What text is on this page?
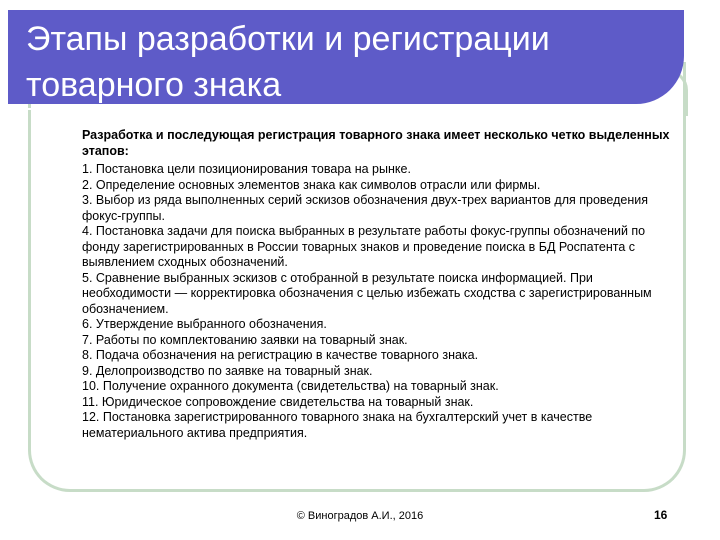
Этапы разработки и регистрации товарного знака

Разработка и последующая регистрация товарного знака имеет несколько четко выделенных этапов:

1. Постановка цели позиционирования товара на рынке.
2. Определение основных элементов знака как символов отрасли или фирмы.
3. Выбор из ряда выполненных серий эскизов обозначения двух-трех вариантов для проведения фокус-группы.
4. Постановка задачи для поиска выбранных в результате работы фокус-группы обозначений по фонду зарегистрированных в России товарных знаков и проведение поиска в БД Роспатента с выявлением сходных обозначений.
5. Сравнение выбранных эскизов с отобранной в результате поиска информацией. При необходимости — корректировка обозначения с целью избежать сходства с зарегистрированным обозначением.
6. Утверждение выбранного обозначения.
7. Работы по комплектованию заявки на товарный знак.
8. Подача обозначения на регистрацию в качестве товарного знака.
9. Делопроизводство по заявке на товарный знак.
10. Получение охранного документа (свидетельства) на товарный знак.
11. Юридическое сопровождение свидетельства на товарный знак.
12. Постановка зарегистрированного товарного знака на бухгалтерский учет в качестве нематериального актива предприятия.
© Виноградов А.И., 2016	16
